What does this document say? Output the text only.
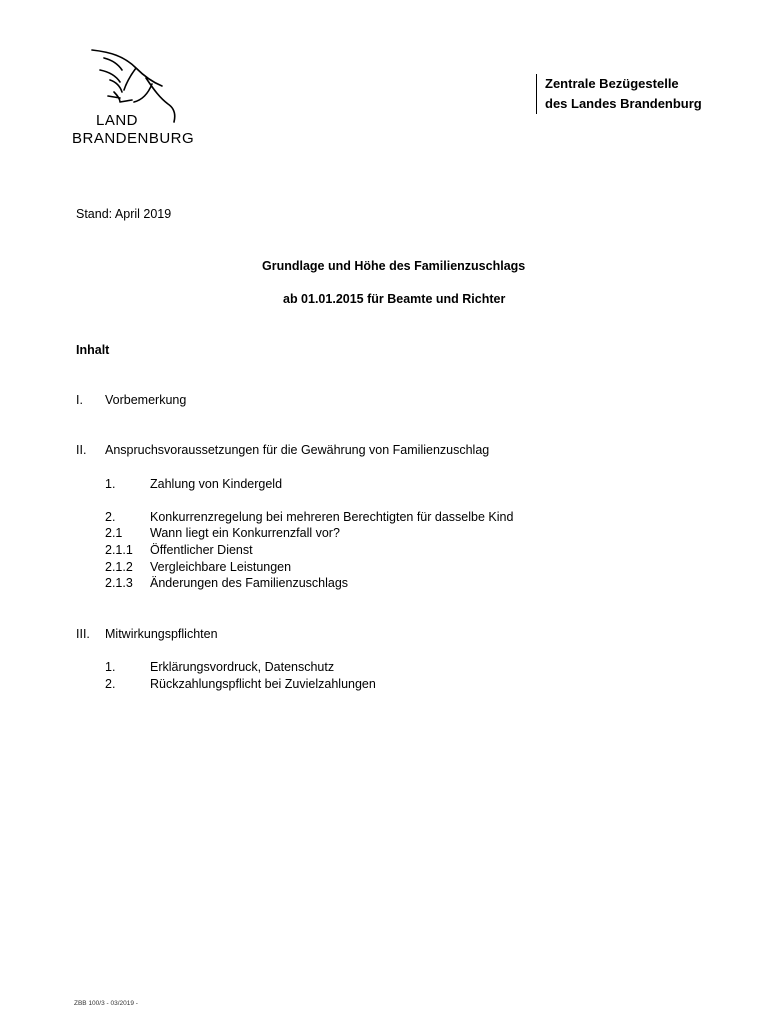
LAND
BRANDENBURG
Zentrale Bezügestelle
des Landes Brandenburg
Stand: April 2019
Grundlage und Höhe des Familienzuschlags
ab 01.01.2015 für Beamte und Richter
Inhalt
I. Vorbemerkung
II. Anspruchsvoraussetzungen für die Gewährung von Familienzuschlag
1.	Zahlung von Kindergeld
2.	Konkurrenzregelung bei mehreren Berechtigten für dasselbe Kind
2.1 Wann liegt ein Konkurrenzfall vor?
2.1.1 Öffentlicher Dienst
2.1.2 Vergleichbare Leistungen
2.1.3 Änderungen des Familienzuschlags
III. Mitwirkungspflichten
1.	Erklärungsvordruck, Datenschutz
2.	Rückzahlungspflicht bei Zuvielzahlungen
ZBB 100/3 - 03/2019 -
